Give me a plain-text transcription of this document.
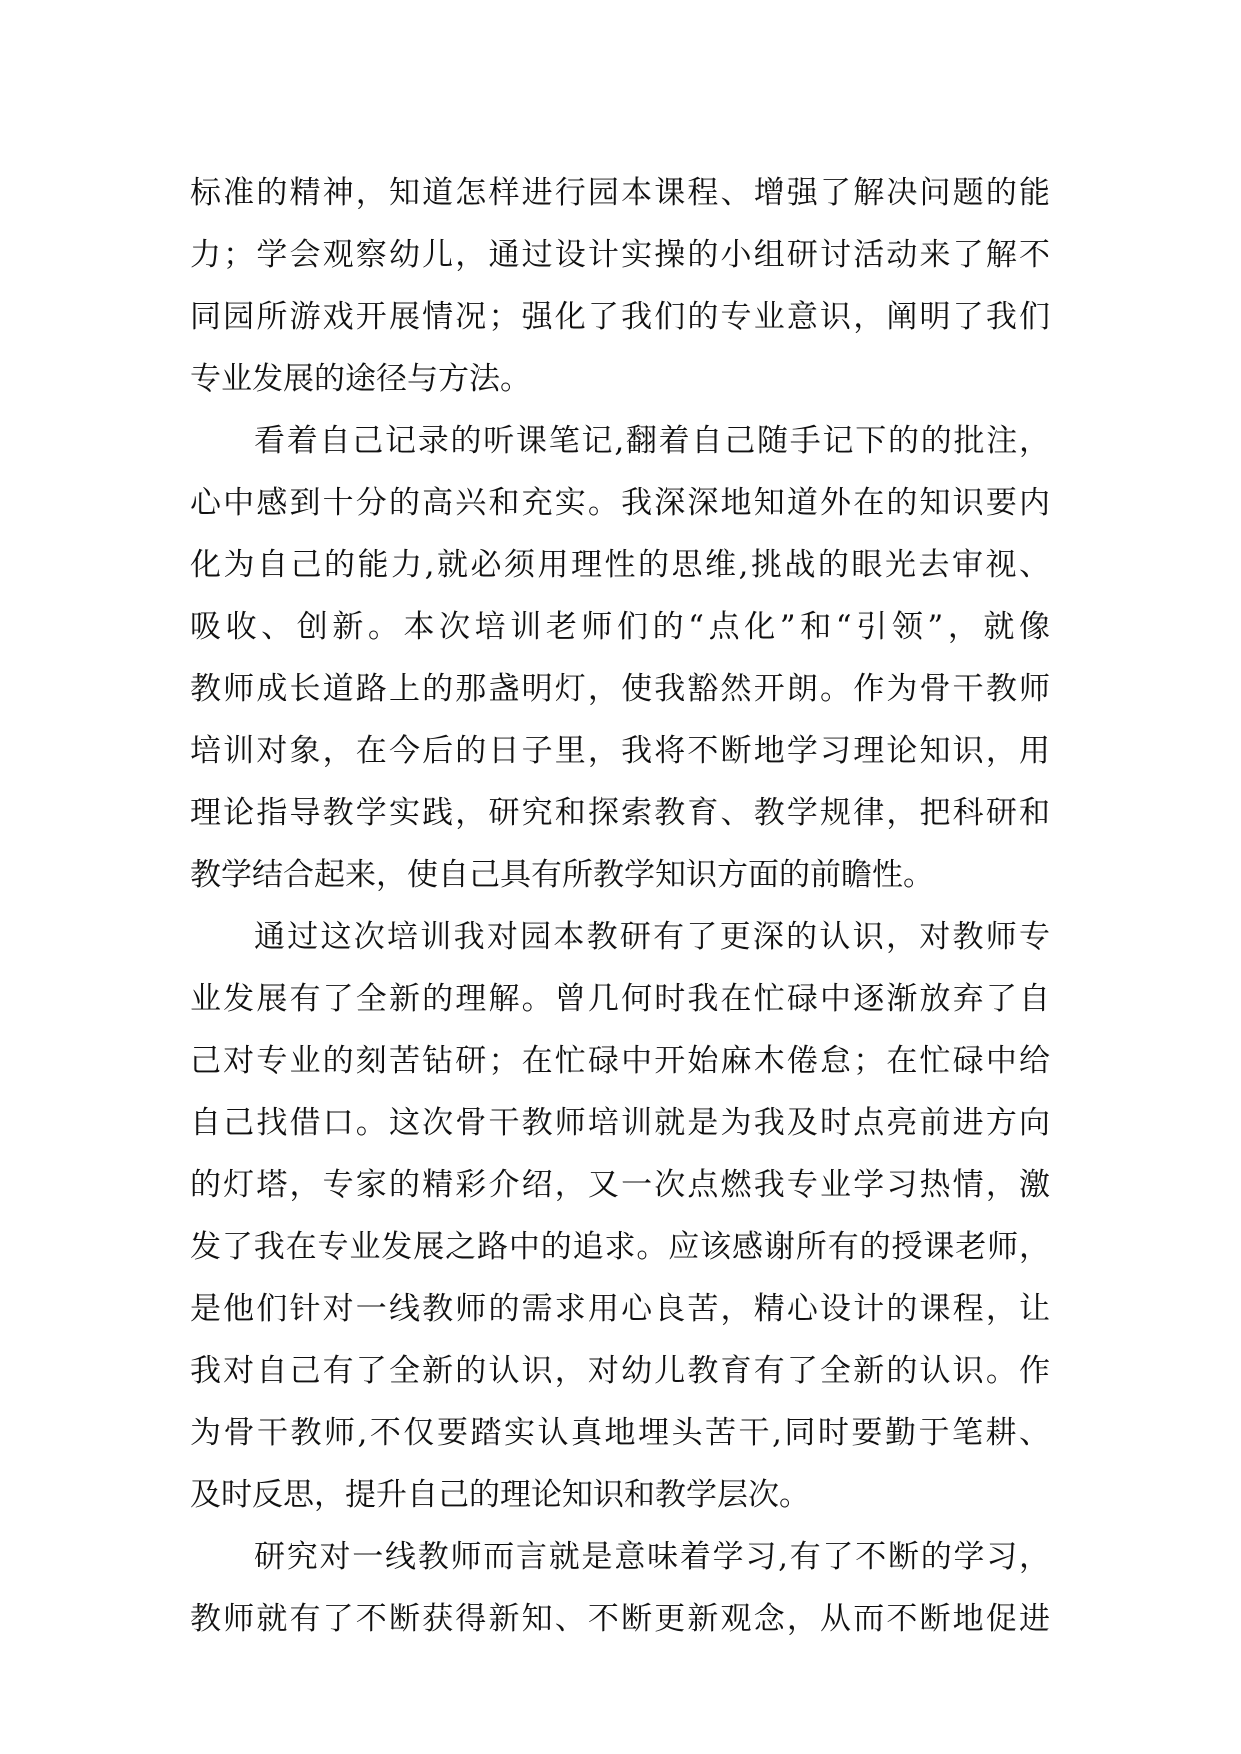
标准的精神，知道怎样进行园本课程、增强了解决问题的能
力；学会观察幼儿，通过设计实操的小组研讨活动来了解不
同园所游戏开展情况；强化了我们的专业意识，阐明了我们
专业发展的途径与方法。
看着自己记录的听课笔记,翻着自己随手记下的的批注，
心中感到十分的高兴和充实。我深深地知道外在的知识要内
化为自己的能力,就必须用理性的思维,挑战的眼光去审视、
吸收、创新。本次培训老师们的“点化”和“引领”，就像
教师成长道路上的那盏明灯，使我豁然开朗。作为骨干教师
培训对象，在今后的日子里，我将不断地学习理论知识，用
理论指导教学实践，研究和探索教育、教学规律，把科研和
教学结合起来，使自己具有所教学知识方面的前瞻性。
通过这次培训我对园本教研有了更深的认识，对教师专
业发展有了全新的理解。曾几何时我在忙碌中逐渐放弃了自
己对专业的刻苦钻研；在忙碌中开始麻木倦怠；在忙碌中给
自己找借口。这次骨干教师培训就是为我及时点亮前进方向
的灯塔，专家的精彩介绍，又一次点燃我专业学习热情，激
发了我在专业发展之路中的追求。应该感谢所有的授课老师，
是他们针对一线教师的需求用心良苦，精心设计的课程，让
我对自己有了全新的认识，对幼儿教育有了全新的认识。作
为骨干教师,不仅要踏实认真地埋头苦干,同时要勤于笔耕、
及时反思，提升自己的理论知识和教学层次。
研究对一线教师而言就是意味着学习,有了不断的学习，
教师就有了不断获得新知、不断更新观念，从而不断地促进
